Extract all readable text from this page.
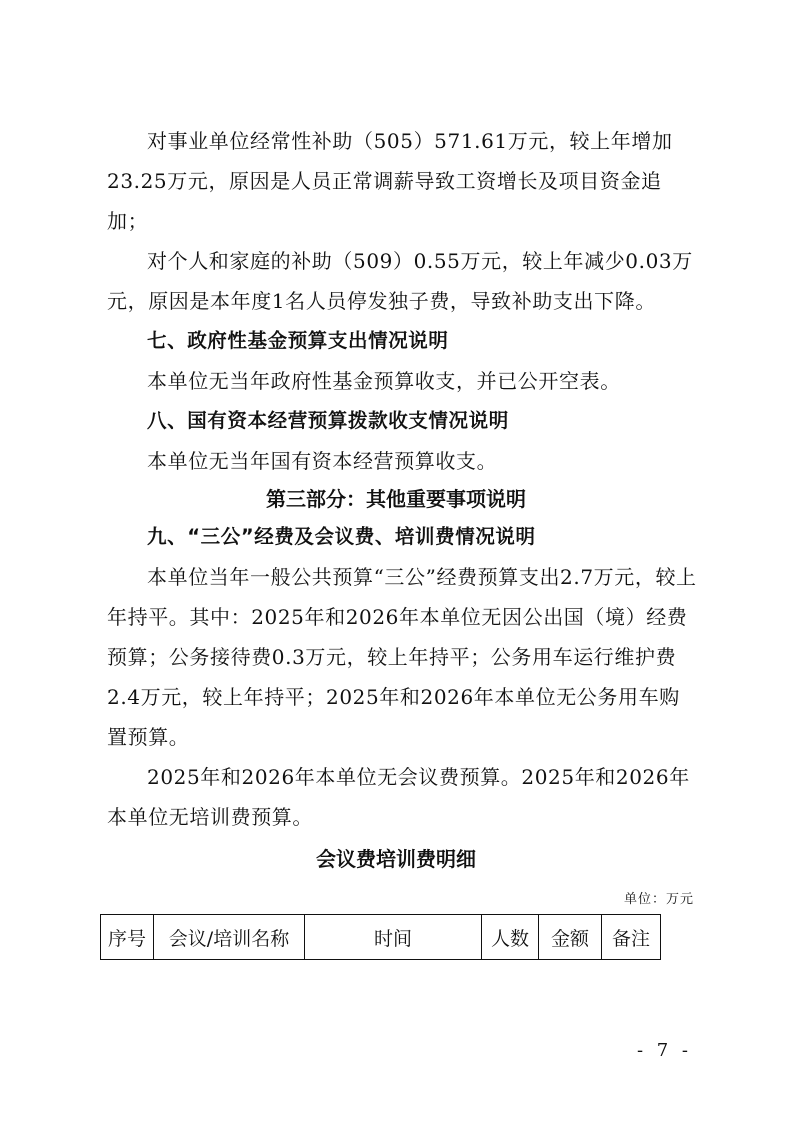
对事业单位经常性补助（505）571.61万元，较上年增加23.25万元，原因是人员正常调薪导致工资增长及项目资金追加；

对个人和家庭的补助（509）0.55万元，较上年减少0.03万元，原因是本年度1名人员停发独子费，导致补助支出下降。

七、政府性基金预算支出情况说明

本单位无当年政府性基金预算收支，并已公开空表。

八、国有资本经营预算拨款收支情况说明

本单位无当年国有资本经营预算收支。

第三部分：其他重要事项说明

九、“三公”经费及会议费、培训费情况说明

本单位当年一般公共预算“三公”经费预算支出2.7万元，较上年持平。其中：2025年和2026年本单位无因公出国（境）经费预算；公务接待费0.3万元，较上年持平；公务用车运行维护费2.4万元，较上年持平；2025年和2026年本单位无公务用车购置预算。

2025年和2026年本单位无会议费预算。2025年和2026年本单位无培训费预算。

会议费培训费明细
单位：万元
序号	会议/培训名称	时间	人数	金额	备注
- 7 -
